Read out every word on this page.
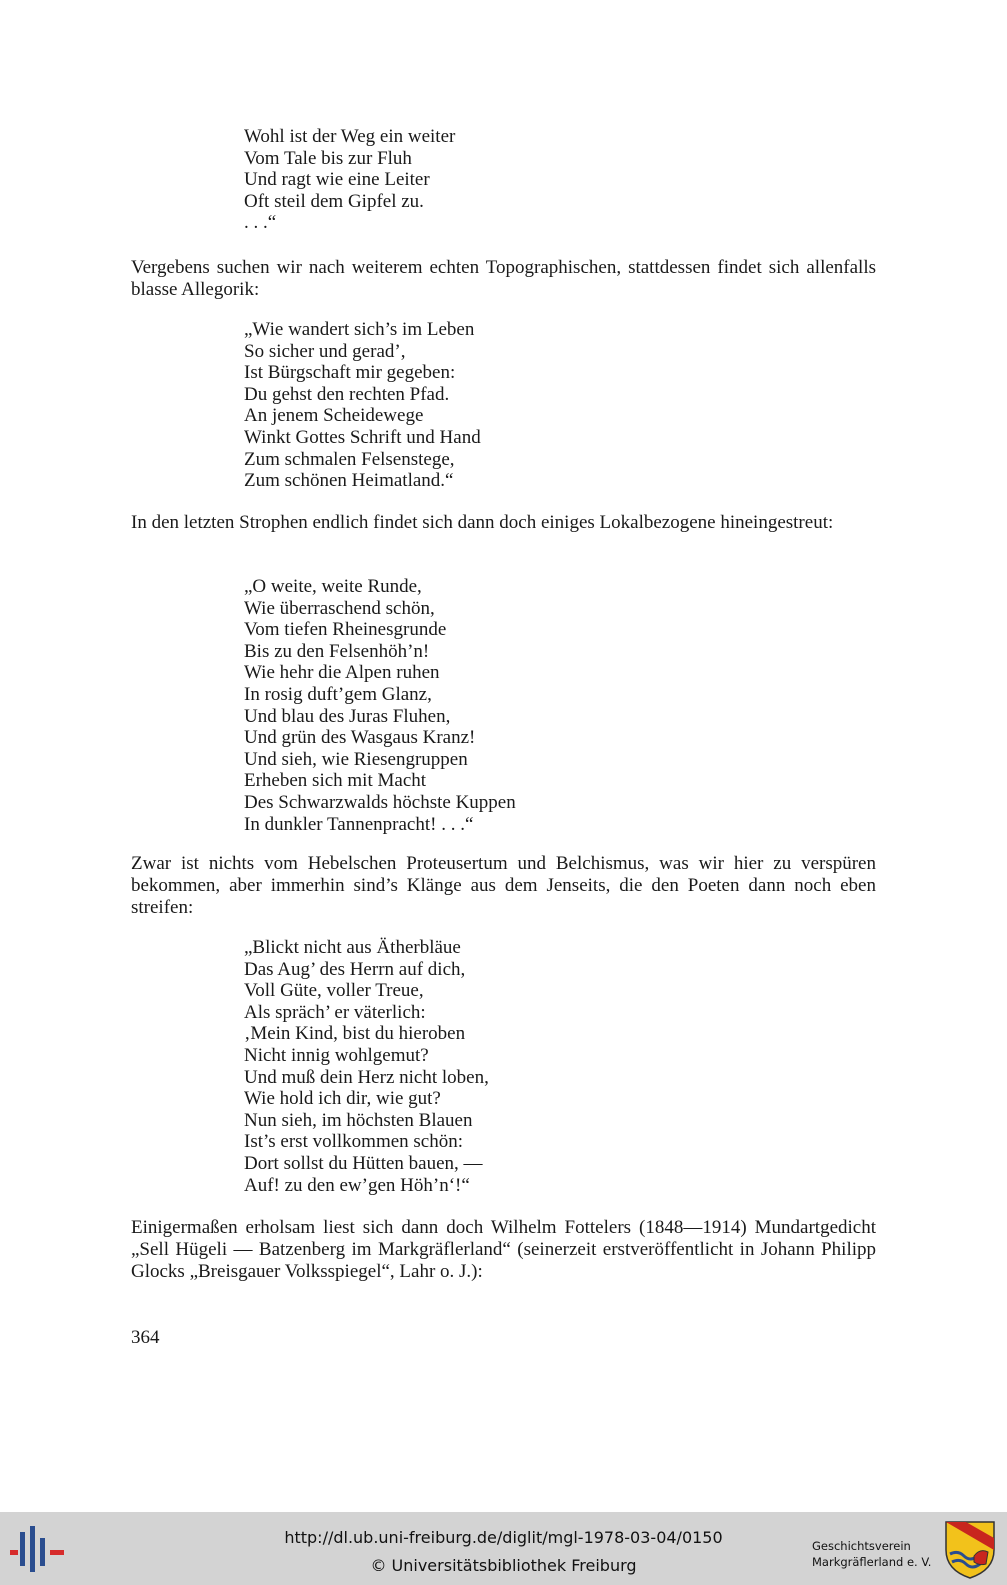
Wohl ist der Weg ein weiter
Vom Tale bis zur Fluh
Und ragt wie eine Leiter
Oft steil dem Gipfel zu.
. . .“
Vergebens suchen wir nach weiterem echten Topographischen, stattdessen findet sich allenfalls blasse Allegorik:
„Wie wandert sich’s im Leben
So sicher und gerad’,
Ist Bürgschaft mir gegeben:
Du gehst den rechten Pfad.
An jenem Scheidewege
Winkt Gottes Schrift und Hand
Zum schmalen Felsenstege,
Zum schönen Heimatland.“
In den letzten Strophen endlich findet sich dann doch einiges Lokalbezogene hineingestreut:
„O weite, weite Runde,
Wie überraschend schön,
Vom tiefen Rheinesgrunde
Bis zu den Felsenhöh’n!
Wie hehr die Alpen ruhen
In rosig duft’gem Glanz,
Und blau des Juras Fluhen,
Und grün des Wasgaus Kranz!
Und sieh, wie Riesengruppen
Erheben sich mit Macht
Des Schwarzwalds höchste Kuppen
In dunkler Tannenpracht! . . .“
Zwar ist nichts vom Hebelschen Proteusertum und Belchismus, was wir hier zu verspüren bekommen, aber immerhin sind’s Klänge aus dem Jenseits, die den Poeten dann noch eben streifen:
„Blickt nicht aus Ätherbläue
Das Aug’ des Herrn auf dich,
Voll Güte, voller Treue,
Als spräch’ er väterlich:
‚Mein Kind, bist du hieroben
Nicht innig wohlgemut?
Und muß dein Herz nicht loben,
Wie hold ich dir, wie gut?
Nun sieh, im höchsten Blauen
Ist’s erst vollkommen schön:
Dort sollst du Hütten bauen, —
Auf! zu den ew’gen Höh’n‘!“
Einigermaßen erholsam liest sich dann doch Wilhelm Fottelers (1848—1914) Mundartgedicht „Sell Hügeli — Batzenberg im Markgräflerland“ (seinerzeit erstveröffentlicht in Johann Philipp Glocks „Breisgauer Volksspiegel“, Lahr o. J.):
364
http://dl.ub.uni-freiburg.de/diglit/mgl-1978-03-04/0150
© Universitätsbibliothek Freiburg
Geschichtsverein
Markgräflerland e. V.
